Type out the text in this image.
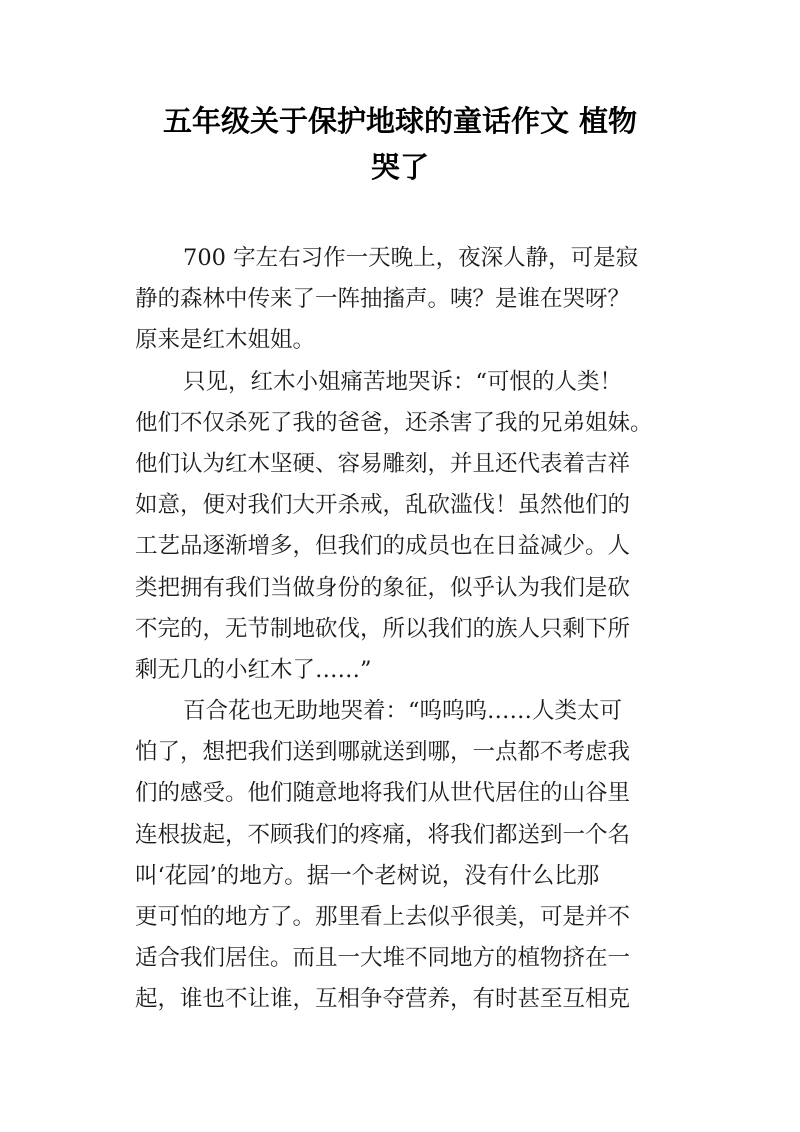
五年级关于保护地球的童话作文 植物
哭了
700 字左右习作一天晚上，夜深人静，可是寂
静的森林中传来了一阵抽搐声。咦？是谁在哭呀？
原来是红木姐姐。
只见，红木小姐痛苦地哭诉：“可恨的人类！
他们不仅杀死了我的爸爸，还杀害了我的兄弟姐妹。
他们认为红木坚硬、容易雕刻，并且还代表着吉祥
如意，便对我们大开杀戒，乱砍滥伐！虽然他们的
工艺品逐渐增多，但我们的成员也在日益减少。人
类把拥有我们当做身份的象征，似乎认为我们是砍
不完的，无节制地砍伐，所以我们的族人只剩下所
剩无几的小红木了……”
百合花也无助地哭着：“呜呜呜……人类太可
怕了，想把我们送到哪就送到哪，一点都不考虑我
们的感受。他们随意地将我们从世代居住的山谷里
连根拔起，不顾我们的疼痛，将我们都送到一个名
叫‘花园’的地方。据一个老树说，没有什么比那
更可怕的地方了。那里看上去似乎很美，可是并不
适合我们居住。而且一大堆不同地方的植物挤在一
起，谁也不让谁，互相争夺营养，有时甚至互相克
